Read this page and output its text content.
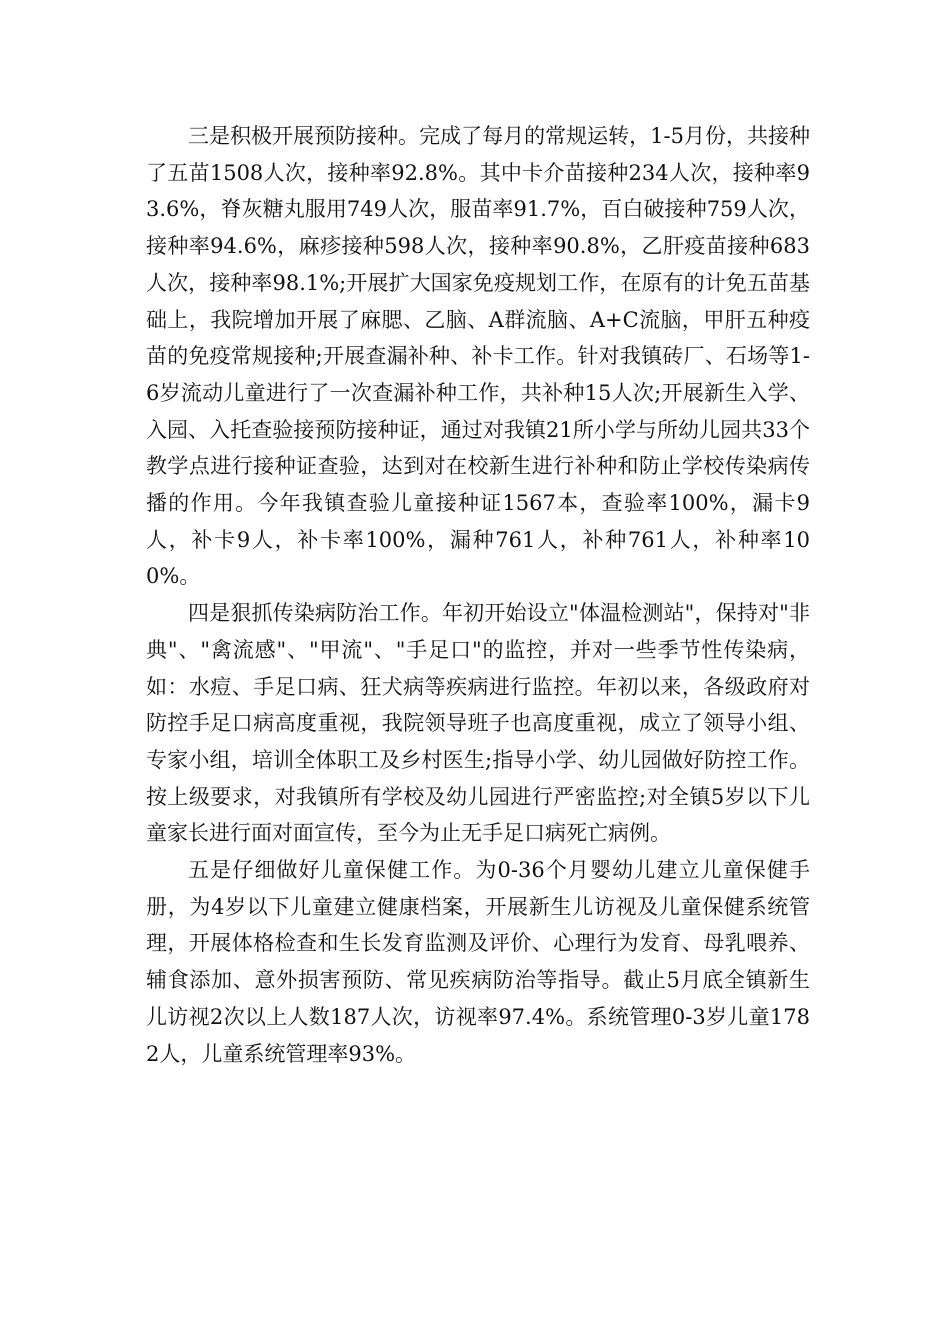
三是积极开展预防接种。完成了每月的常规运转，1-5月份，共接种了五苗1508人次，接种率92.8%。其中卡介苗接种234人次，接种率93.6%，脊灰糖丸服用749人次，服苗率91.7%，百白破接种759人次，接种率94.6%，麻疹接种598人次，接种率90.8%，乙肝疫苗接种683人次，接种率98.1%;开展扩大国家免疫规划工作，在原有的计免五苗基础上，我院增加开展了麻腮、乙脑、A群流脑、A+C流脑，甲肝五种疫苗的免疫常规接种;开展查漏补种、补卡工作。针对我镇砖厂、石场等1-6岁流动儿童进行了一次查漏补种工作，共补种15人次;开展新生入学、入园、入托查验接预防接种证，通过对我镇21所小学与所幼儿园共33个教学点进行接种证查验，达到对在校新生进行补种和防止学校传染病传播的作用。今年我镇查验儿童接种证1567本，查验率100%，漏卡9人，补卡9人，补卡率100%，漏种761人，补种761人，补种率100%。

四是狠抓传染病防治工作。年初开始设立"体温检测站"，保持对"非典"、"禽流感"、"甲流"、"手足口"的监控，并对一些季节性传染病，如：水痘、手足口病、狂犬病等疾病进行监控。年初以来，各级政府对防控手足口病高度重视，我院领导班子也高度重视，成立了领导小组、专家小组，培训全体职工及乡村医生;指导小学、幼儿园做好防控工作。按上级要求，对我镇所有学校及幼儿园进行严密监控;对全镇5岁以下儿童家长进行面对面宣传，至今为止无手足口病死亡病例。

五是仔细做好儿童保健工作。为0-36个月婴幼儿建立儿童保健手册，为4岁以下儿童建立健康档案，开展新生儿访视及儿童保健系统管理，开展体格检查和生长发育监测及评价、心理行为发育、母乳喂养、辅食添加、意外损害预防、常见疾病防治等指导。截止5月底全镇新生儿访视2次以上人数187人次，访视率97.4%。系统管理0-3岁儿童1782人，儿童系统管理率93%。
